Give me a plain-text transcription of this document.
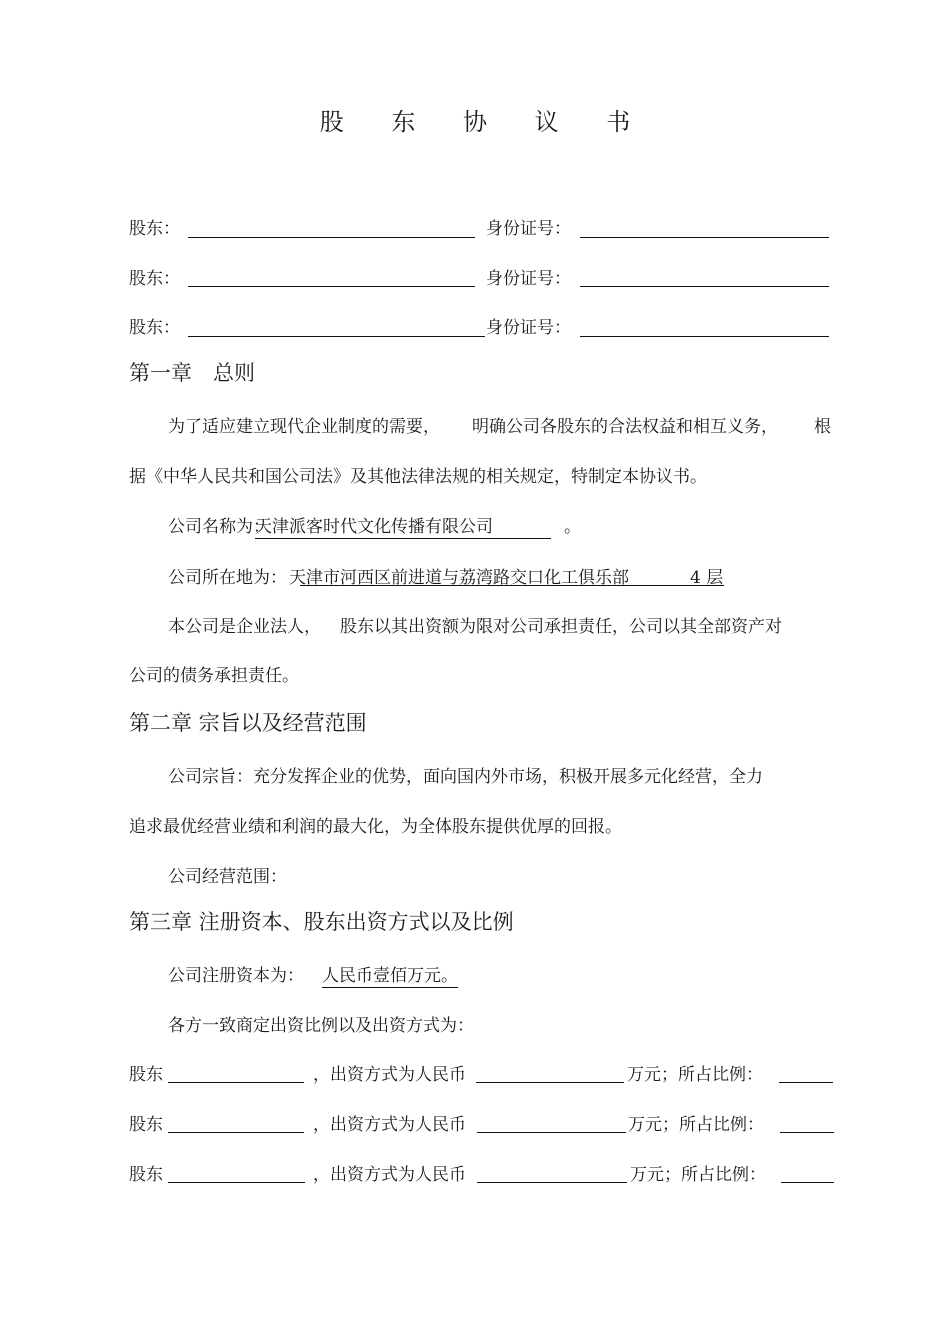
股 东 协 议 书
股东：	身份证号：
股东：	身份证号：
股东：	身份证号：
第一章　总则
为了适应建立现代企业制度的需要， 明确公司各股东的合法权益和相互义务， 根
据《中华人民共和国公司法》及其他法律法规的相关规定，特制定本协议书。
公司名称为：
天津派客时代文化传播有限公司	。
公司所在地为： 天津市河西区前进道与荔湾路交口化工俱乐部	4 层
本公司是企业法人， 股东以其出资额为限对公司承担责任，公司以其全部资产对
公司的债务承担责任。
第二章 宗旨以及经营范围
公司宗旨：充分发挥企业的优势，面向国内外市场，积极开展多元化经营，全力
追求最优经营业绩和利润的最大化，为全体股东提供优厚的回报。
公司经营范围：
第三章 注册资本、股东出资方式以及比例
公司注册资本为： 人民币壹佰万元。
各方一致商定出资比例以及出资方式为：
股东	，出资方式为人民币	万元；所占比例：
股东	，出资方式为人民币	万元；所占比例：
股东	，出资方式为人民币	万元；所占比例：
